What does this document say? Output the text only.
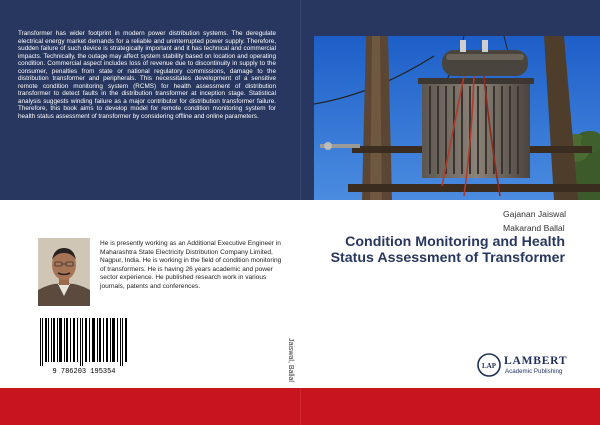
Transformer has wider footprint in modern power distribution systems. The deregulate electrical energy market demands for a reliable and uninterrupted power supply. Therefore, sudden failure of such device is strategically important and it has technical and commercial impacts. Technically, the outage may affect system stability based on location and operating condition. Commercial aspect includes loss of revenue due to discontinuity in supply to the consumer, penalties from state or national regulatory commissions, damage to the distribution transformer and peripherals. This necessitates development of a sensitive remote condition monitoring system (RCMS) for health assessment of distribution transformer to detect faults in the distribution transformer at inception stage. Statistical analysis suggests winding failure as a major contributor for distribution transformer failure. Therefore, this book aims to develop model for remote condition monitoring system for health status assessment of transformer by considering offline and online parameters.
Gajanan Jaiswal
Makarand Ballal
Condition Monitoring and Health Status Assessment of Transformer
He is presently working as an Additional Executive Engineer in Maharashtra State Electricity Distribution Company Limited, Nagpur, India. He is working in the field of condition monitoring of transformers. He is having 26 years academic and power sector experience. He published research work in various journals, patents and conferences.
9 786203 195354	Jaiswal, Ballal	LAP LAMBERT
Academic Publishing
